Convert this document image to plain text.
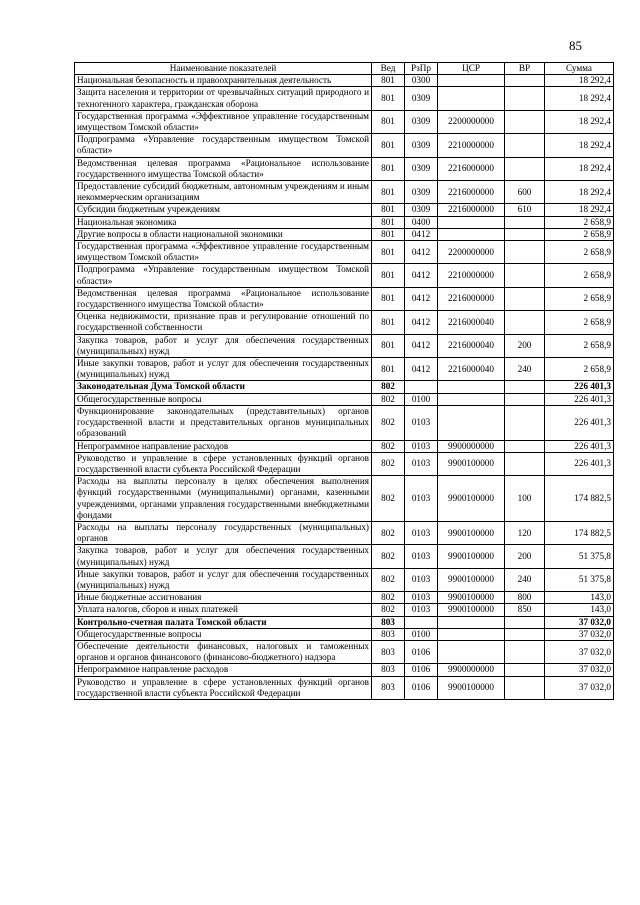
85
Наименование показателей	Вед	РзПр	ЦСР	ВР	Сумма
Национальная безопасность и правоохранительная деятельность	801	0300			18 292,4
Защита населения и территории от чрезвычайных ситуаций природного и техногенного характера, гражданская оборона	801	0309			18 292,4
Государственная программа «Эффективное управление государственным имуществом Томской области»	801	0309	2200000000		18 292,4
Подпрограмма «Управление государственным имуществом Томской области»	801	0309	2210000000		18 292,4
Ведомственная целевая программа «Рациональное использование государственного имущества Томской области»	801	0309	2216000000		18 292,4
Предоставление субсидий бюджетным, автономным учреждениям и иным некоммерческим организациям	801	0309	2216000000	600	18 292,4
Субсидии бюджетным учреждениям	801	0309	2216000000	610	18 292,4
Национальная экономика	801	0400			2 658,9
Другие вопросы в области национальной экономики	801	0412			2 658,9
Государственная программа «Эффективное управление государственным имуществом Томской области»	801	0412	2200000000		2 658,9
Подпрограмма «Управление государственным имуществом Томской области»	801	0412	2210000000		2 658,9
Ведомственная целевая программа «Рациональное использование государственного имущества Томской области»	801	0412	2216000000		2 658,9
Оценка недвижимости, признание прав и регулирование отношений по государственной собственности	801	0412	2216000040		2 658,9
Закупка товаров, работ и услуг для обеспечения государственных (муниципальных) нужд	801	0412	2216000040	200	2 658,9
Иные закупки товаров, работ и услуг для обеспечения государственных (муниципальных) нужд	801	0412	2216000040	240	2 658,9
Законодательная Дума Томской области	802				226 401,3
Общегосударственные вопросы	802	0100			226 401,3
Функционирование законодательных (представительных) органов государственной власти и представительных органов муниципальных образований	802	0103			226 401,3
Непрограммное направление расходов	802	0103	9900000000		226 401,3
Руководство и управление в сфере установленных функций органов государственной власти субъекта Российской Федерации	802	0103	9900100000		226 401,3
Расходы на выплаты персоналу в целях обеспечения выполнения функций государственными (муниципальными) органами, казенными учреждениями, органами управления государственными внебюджетными фондами	802	0103	9900100000	100	174 882,5
Расходы на выплаты персоналу государственных (муниципальных) органов	802	0103	9900100000	120	174 882,5
Закупка товаров, работ и услуг для обеспечения государственных (муниципальных) нужд	802	0103	9900100000	200	51 375,8
Иные закупки товаров, работ и услуг для обеспечения государственных (муниципальных) нужд	802	0103	9900100000	240	51 375,8
Иные бюджетные ассигнования	802	0103	9900100000	800	143,0
Уплата налогов, сборов и иных платежей	802	0103	9900100000	850	143,0
Контрольно-счетная палата Томской области	803				37 032,0
Общегосударственные вопросы	803	0100			37 032,0
Обеспечение деятельности финансовых, налоговых и таможенных органов и органов финансового (финансово-бюджетного) надзора	803	0106			37 032,0
Непрограммное направление расходов	803	0106	9900000000		37 032,0
Руководство и управление в сфере установленных функций органов государственной власти субъекта Российской Федерации	803	0106	9900100000		37 032,0
